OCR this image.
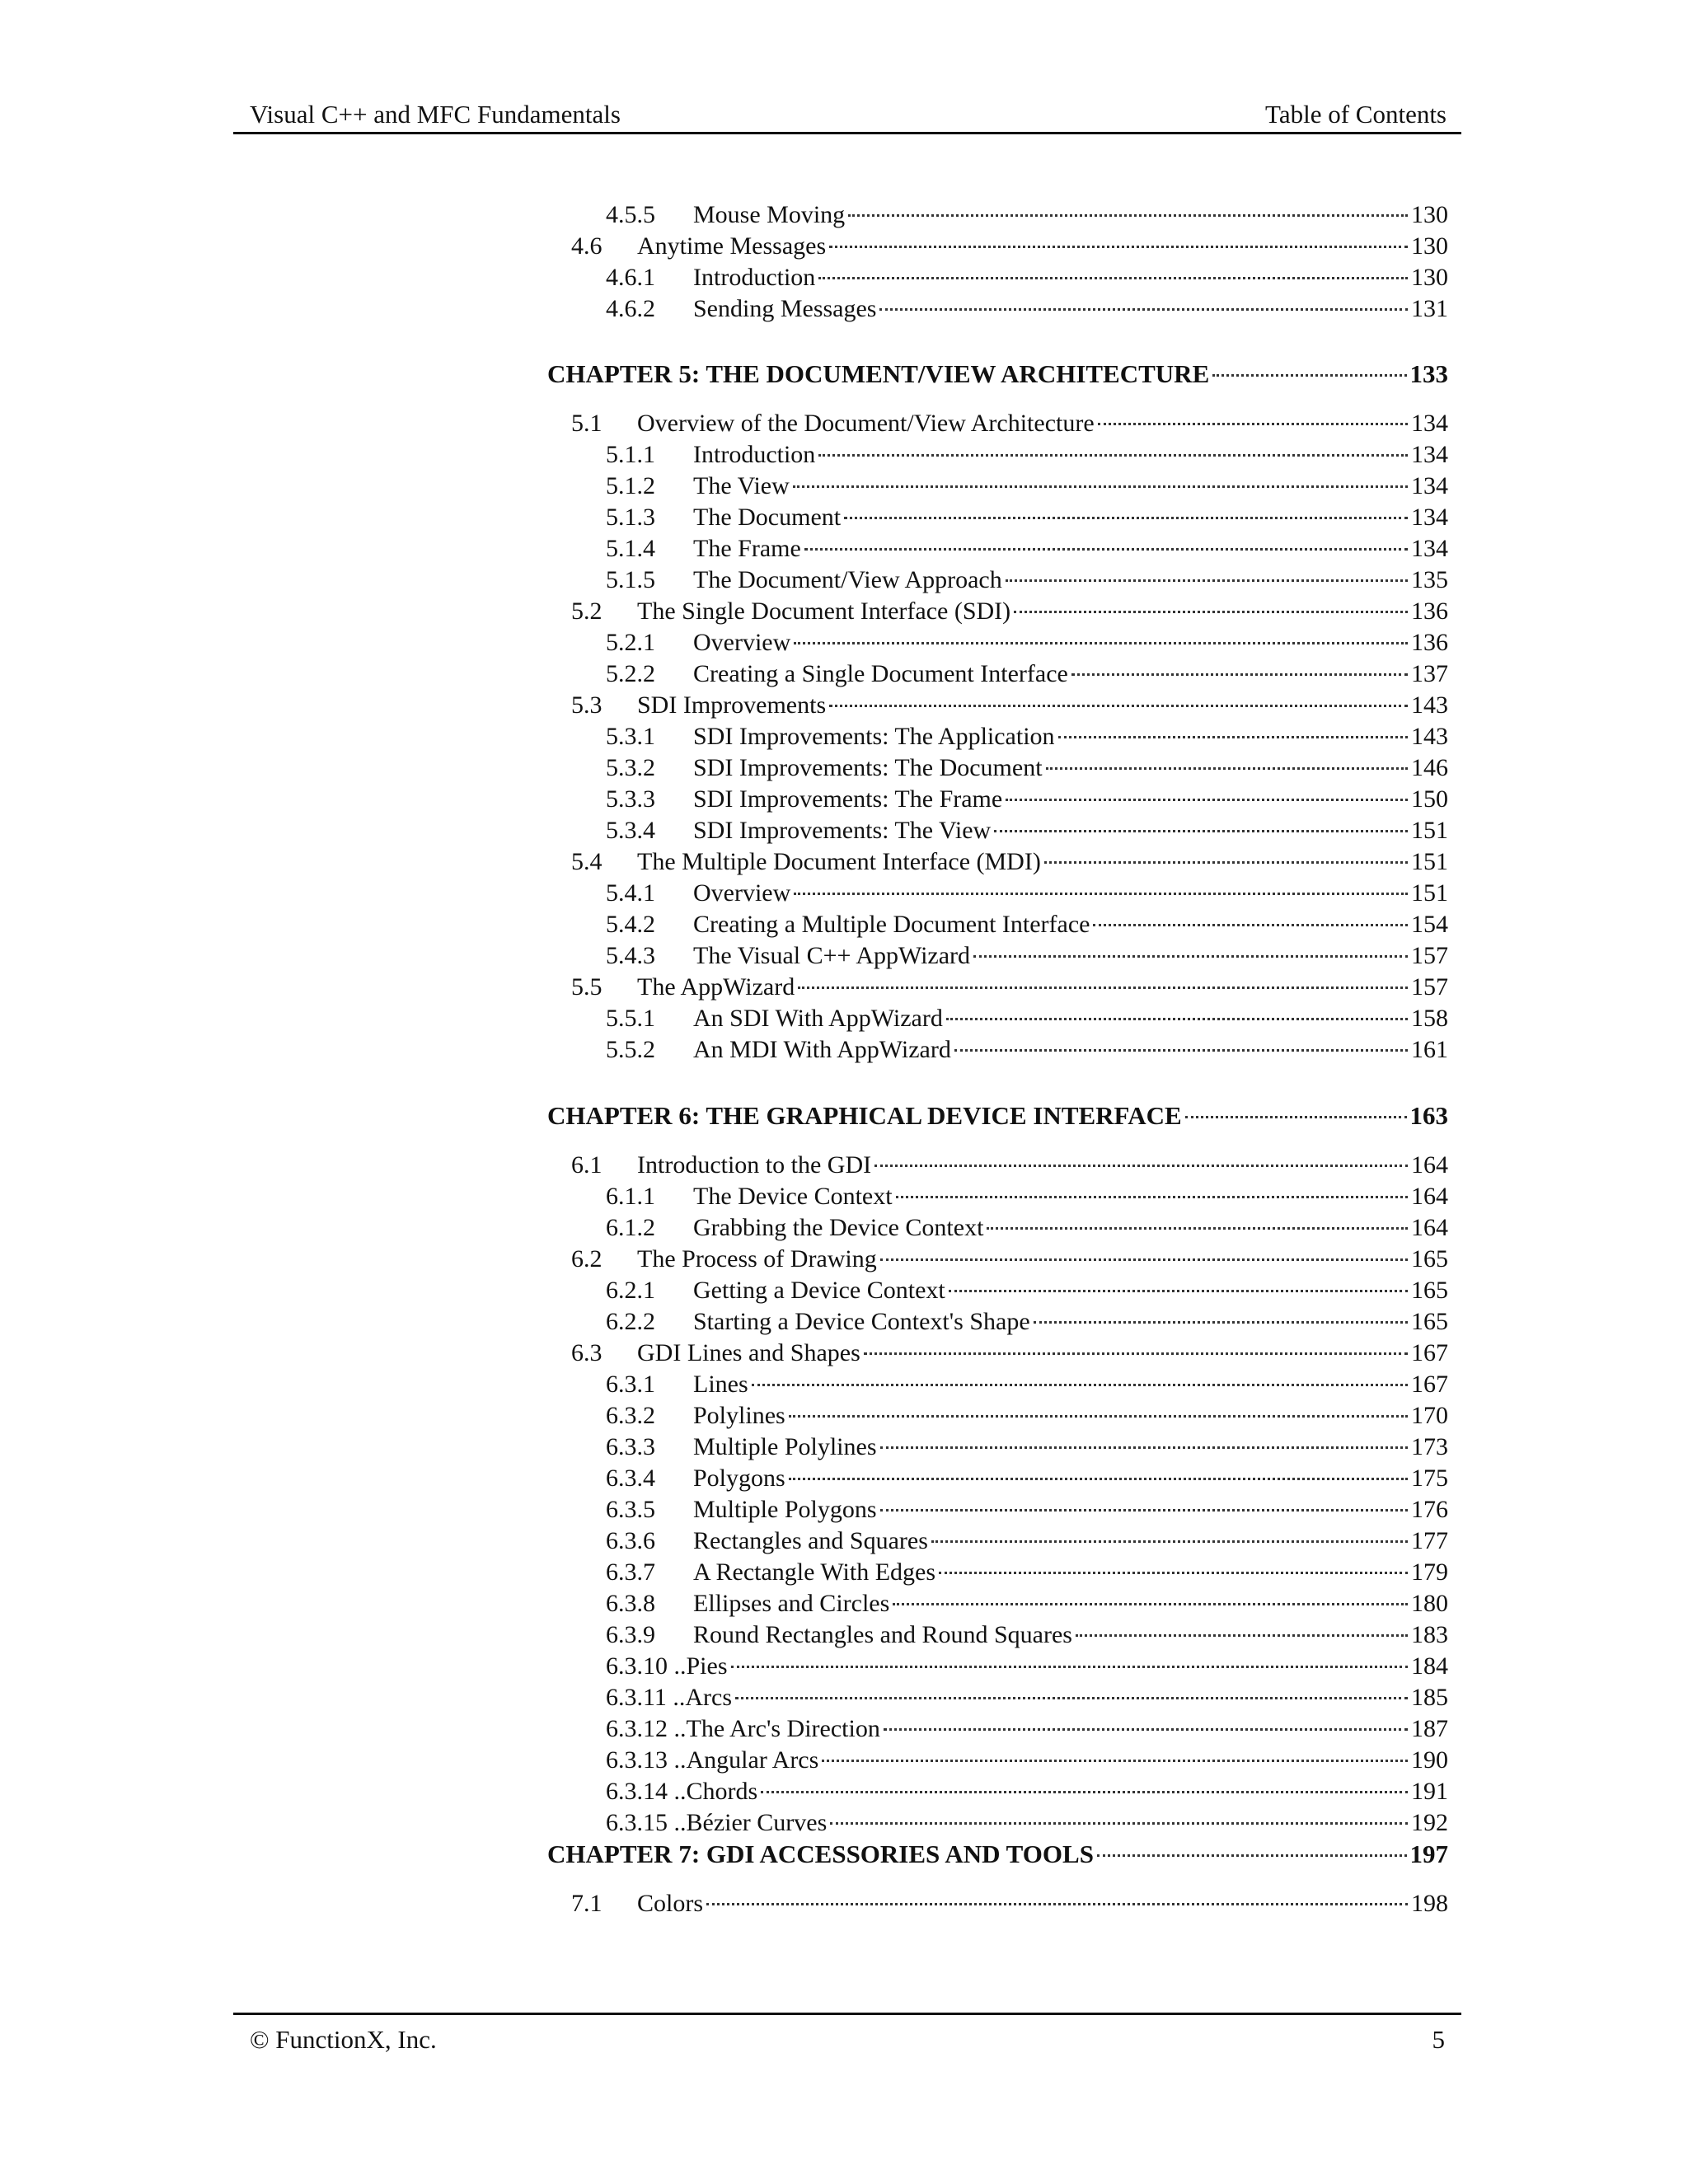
Visual C++ and MFC Fundamentals	Table of Contents
4.5.5	Mouse Moving	130
4.6	Anytime Messages	130
4.6.1	Introduction	130
4.6.2	Sending Messages	131
CHAPTER 5: THE DOCUMENT/VIEW ARCHITECTURE	133
5.1	Overview of the Document/View Architecture	134
5.1.1	Introduction	134
5.1.2	The View	134
5.1.3	The Document	134
5.1.4	The Frame	134
5.1.5	The Document/View Approach	135
5.2	The Single Document Interface (SDI)	136
5.2.1	Overview	136
5.2.2	Creating a Single Document Interface	137
5.3	SDI Improvements	143
5.3.1	SDI Improvements: The Application	143
5.3.2	SDI Improvements: The Document	146
5.3.3	SDI Improvements: The Frame	150
5.3.4	SDI Improvements: The View	151
5.4	The Multiple Document Interface (MDI)	151
5.4.1	Overview	151
5.4.2	Creating a Multiple Document Interface	154
5.4.3	The Visual C++ AppWizard	157
5.5	The AppWizard	157
5.5.1	An SDI With AppWizard	158
5.5.2	An MDI With AppWizard	161
CHAPTER 6: THE GRAPHICAL DEVICE INTERFACE	163
6.1	Introduction to the GDI	164
6.1.1	The Device Context	164
6.1.2	Grabbing the Device Context	164
6.2	The Process of Drawing	165
6.2.1	Getting a Device Context	165
6.2.2	Starting a Device Context's Shape	165
6.3	GDI Lines and Shapes	167
6.3.1	Lines	167
6.3.2	Polylines	170
6.3.3	Multiple Polylines	173
6.3.4	Polygons	175
6.3.5	Multiple Polygons	176
6.3.6	Rectangles and Squares	177
6.3.7	A Rectangle With Edges	179
6.3.8	Ellipses and Circles	180
6.3.9	Round Rectangles and Round Squares	183
6.3.10 .. Pies	184
6.3.11 .. Arcs	185
6.3.12 .. The Arc's Direction	187
6.3.13 .. Angular Arcs	190
6.3.14 .. Chords	191
6.3.15 .. Bézier Curves	192
CHAPTER 7: GDI ACCESSORIES AND TOOLS	197
7.1	Colors	198
© FunctionX, Inc.	5
